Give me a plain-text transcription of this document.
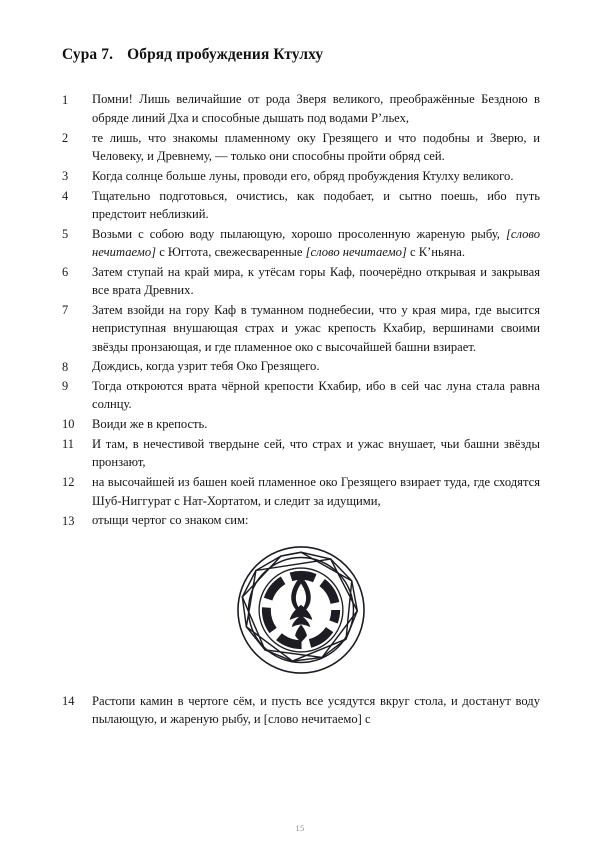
Сура 7. Обряд пробуждения Ктулху
1	Помни! Лишь величайшие от рода Зверя великого, преображённые Бездною в обряде линий Дха и способные дышать под водами Р’льех,
2	те лишь, что знакомы пламенному оку Грезящего и что подобны и Зверю, и Человеку, и Древнему, — только они способны пройти обряд сей.
3	Когда солнце больше луны, проводи его, обряд пробуждения Ктулху великого.
4	Тщательно подготовься, очистись, как подобает, и сытно поешь, ибо путь предстоит неблизкий.
5	Возьми с собою воду пылающую, хорошо просоленную жареную рыбу, [слово нечитаемо] с Юггота, свежесваренные [слово нечитаемо] с К’ньяна.
6	Затем ступай на край мира, к утёсам горы Каф, поочерёдно открывая и закрывая все врата Древних.
7	Затем взойди на гору Каф в туманном поднебесии, что у края мира, где высится неприступная внушающая страх и ужас крепость Кхабир, вершинами своими звёзды пронзающая, и где пламенное око с высочайшей башни взирает.
8	Дождись, когда узрит тебя Око Грезящего.
9	Тогда откроются врата чёрной крепости Кхабир, ибо в сей час луна стала равна солнцу.
10	Воиди же в крепость.
11	И там, в нечестивой твердыне сей, что страх и ужас внушает, чьи башни звёзды пронзают,
12	на высочайшей из башен коей пламенное око Грезящего взирает туда, где сходятся Шуб-Ниггурат с Нат-Хортатом, и следит за идущими,
13	отыщи чертог со знаком сим:
14	Растопи камин в чертоге сём, и пусть все усядутся вкруг стола, и достанут воду пылающую, и жареную рыбу, и [слово нечитаемо] с
15
